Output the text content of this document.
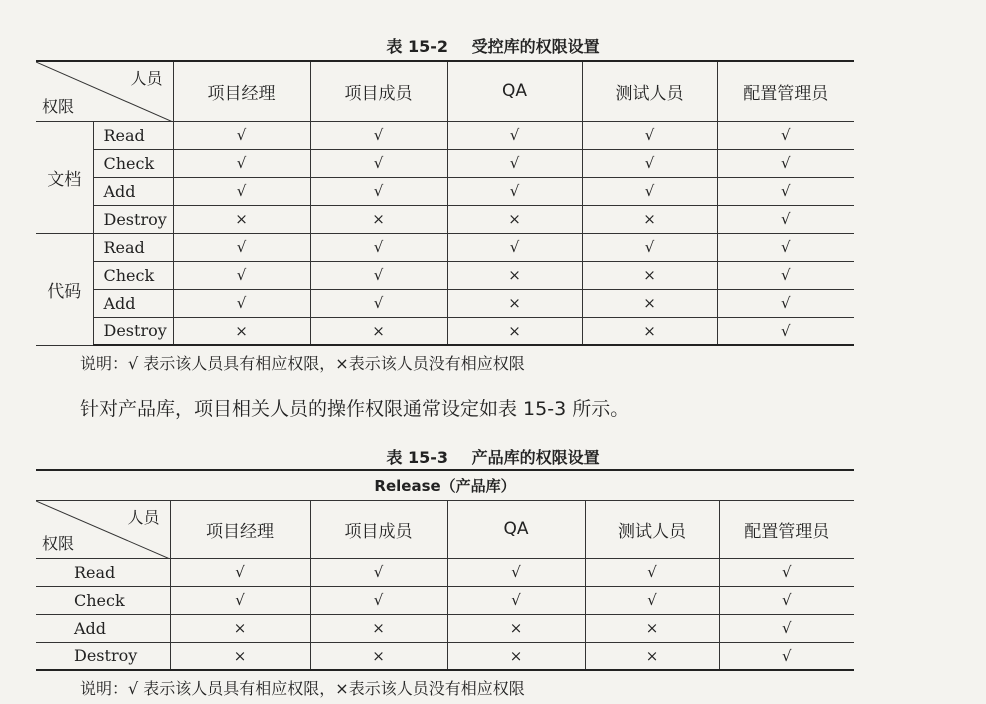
表 15-2 受控库的权限设置
人员
权限		项目经理	项目成员	QA	测试人员	配置管理员
文档	Read	√	√	√	√	√
	Check	√	√	√	√	√
	Add	√	√	√	√	√
	Destroy	×	×	×	×	√
代码	Read	√	√	√	√	√
	Check	√	√	×	×	√
	Add	√	√	×	×	√
	Destroy	×	×	×	×	√
说明：√ 表示该人员具有相应权限，×表示该人员没有相应权限
针对产品库，项目相关人员的操作权限通常设定如表 15-3 所示。
表 15-3 产品库的权限设置
Release（产品库）					

人员
权限	项目经理	项目成员	QA	测试人员	配置管理员
Read	√	√	√	√	√
Check	√	√	√	√	√
Add	×	×	×	×	√
Destroy	×	×	×	×	√
说明：√ 表示该人员具有相应权限，×表示该人员没有相应权限
